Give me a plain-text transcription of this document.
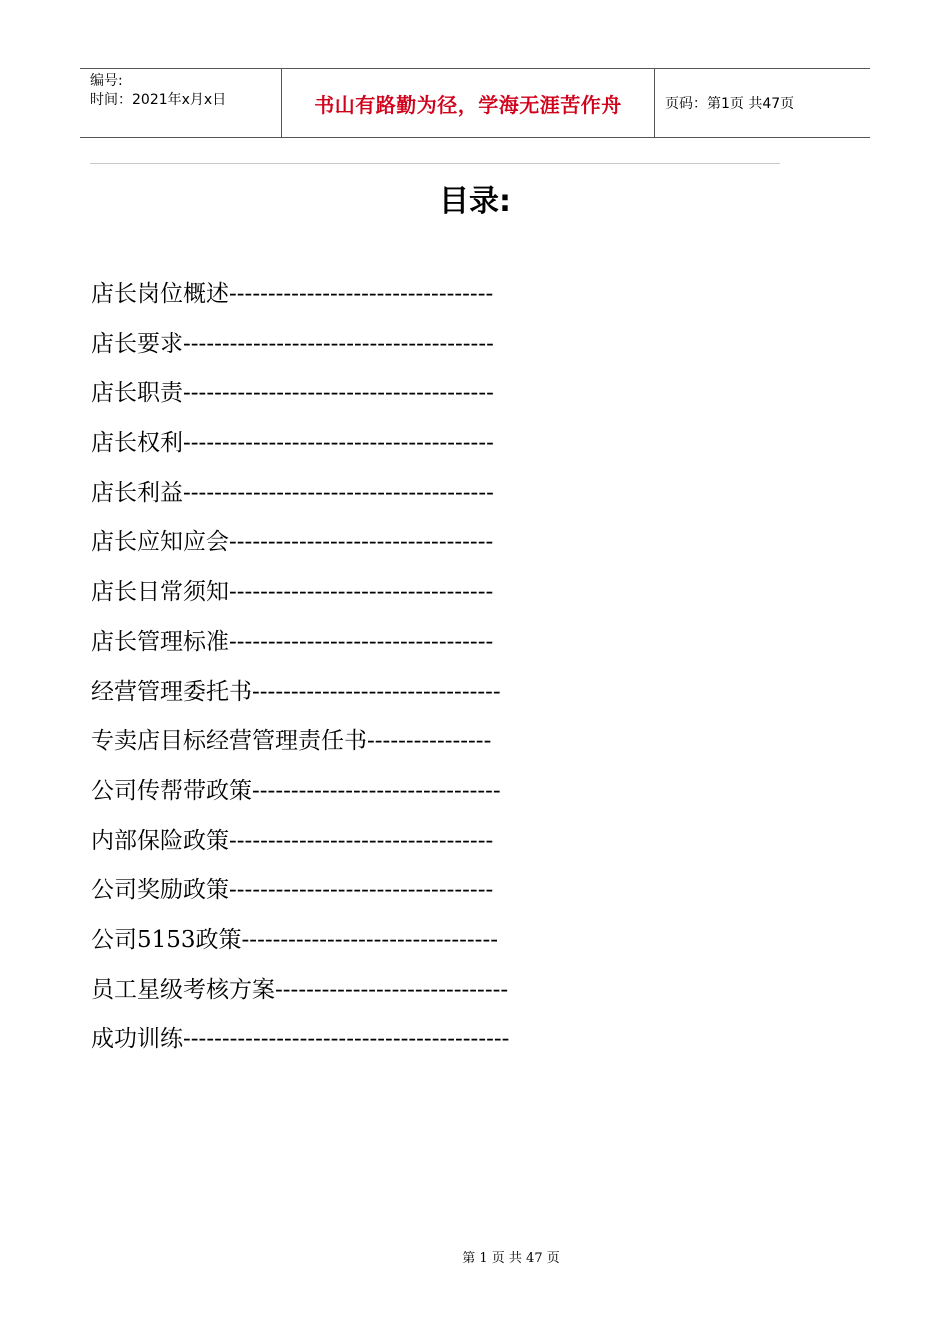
编号:
时间：2021年x月x日	书山有路勤为径，学海无涯苦作舟	页码：第1页 共47页
目录:
店长岗位概述----------------------------------
店长要求----------------------------------------
店长职责----------------------------------------
店长权利----------------------------------------
店长利益----------------------------------------
店长应知应会----------------------------------
店长日常须知----------------------------------
店长管理标准----------------------------------
经营管理委托书--------------------------------
专卖店目标经营管理责任书----------------
公司传帮带政策--------------------------------
内部保险政策----------------------------------
公司奖励政策----------------------------------
公司5153政策---------------------------------
员工星级考核方案------------------------------
成功训练------------------------------------------
第 1 页 共 47 页
